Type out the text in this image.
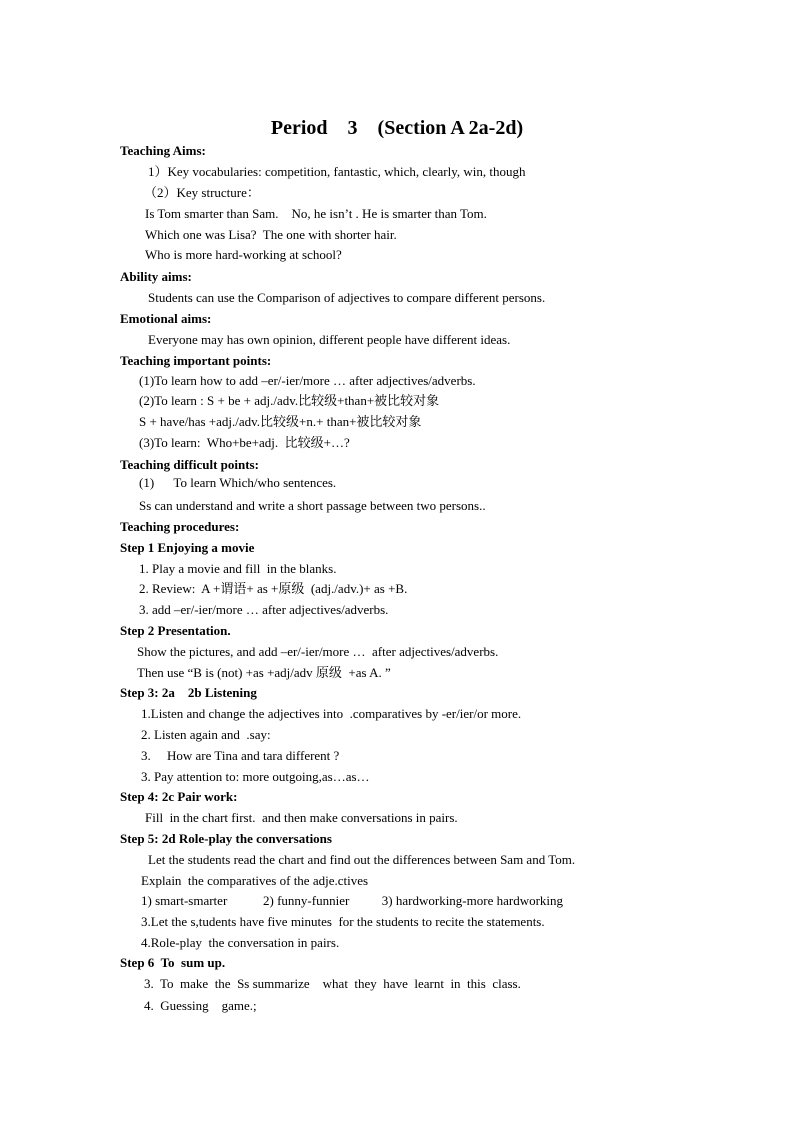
Period    3    (Section A 2a-2d)
Teaching Aims:
1）Key vocabularies: competition, fantastic, which, clearly, win, though
（2）Key structure：
Is Tom smarter than Sam.    No, he isn’t . He is smarter than Tom.
Which one was Lisa?  The one with shorter hair.
Who is more hard-working at school?
Ability aims:
Students can use the Comparison of adjectives to compare different persons.
Emotional aims:
Everyone may has own opinion, different people have different ideas.
Teaching important points:
(1)To learn how to add –er/-ier/more … after adjectives/adverbs.
(2)To learn : S + be + adj./adv.比较级+than+被比较对象
S + have/has +adj./adv.比较级+n.+ than+被比较对象
(3)To learn:  Who+be+adj.  比较级+…?
Teaching difficult points:
(1)      To learn Which/who sentences.
Ss can understand and write a short passage between two persons..
Teaching procedures:
Step 1 Enjoying a movie
1. Play a movie and fill  in the blanks.
2. Review:  A +谓语+ as +原级  (adj./adv.)+ as +B.
3. add –er/-ier/more … after adjectives/adverbs.
Step 2 Presentation.
Show the pictures, and add –er/-ier/more …  after adjectives/adverbs.
Then use “B is (not) +as +adj/adv 原级  +as A. ”
Step 3: 2a    2b Listening
1.Listen and change the adjectives into  .comparatives by -er/ier/or more.
2. Listen again and  .say:
3.     How are Tina and tara different ?
3. Pay attention to: more outgoing,as…as…
Step 4: 2c Pair work:
Fill  in the chart first.  and then make conversations in pairs.
Step 5: 2d Role-play the conversations
Let the students read the chart and find out the differences between Sam and Tom.
Explain  the comparatives of the adje.ctives
1) smart-smarter           2) funny-funnier          3) hardworking-more hardworking
3.Let the s,tudents have five minutes  for the students to recite the statements.
4.Role-play  the conversation in pairs.
Step 6  To  sum up.
3.  To  make  the  Ss summarize    what  they  have  learnt  in  this  class.
4.  Guessing    game.;
